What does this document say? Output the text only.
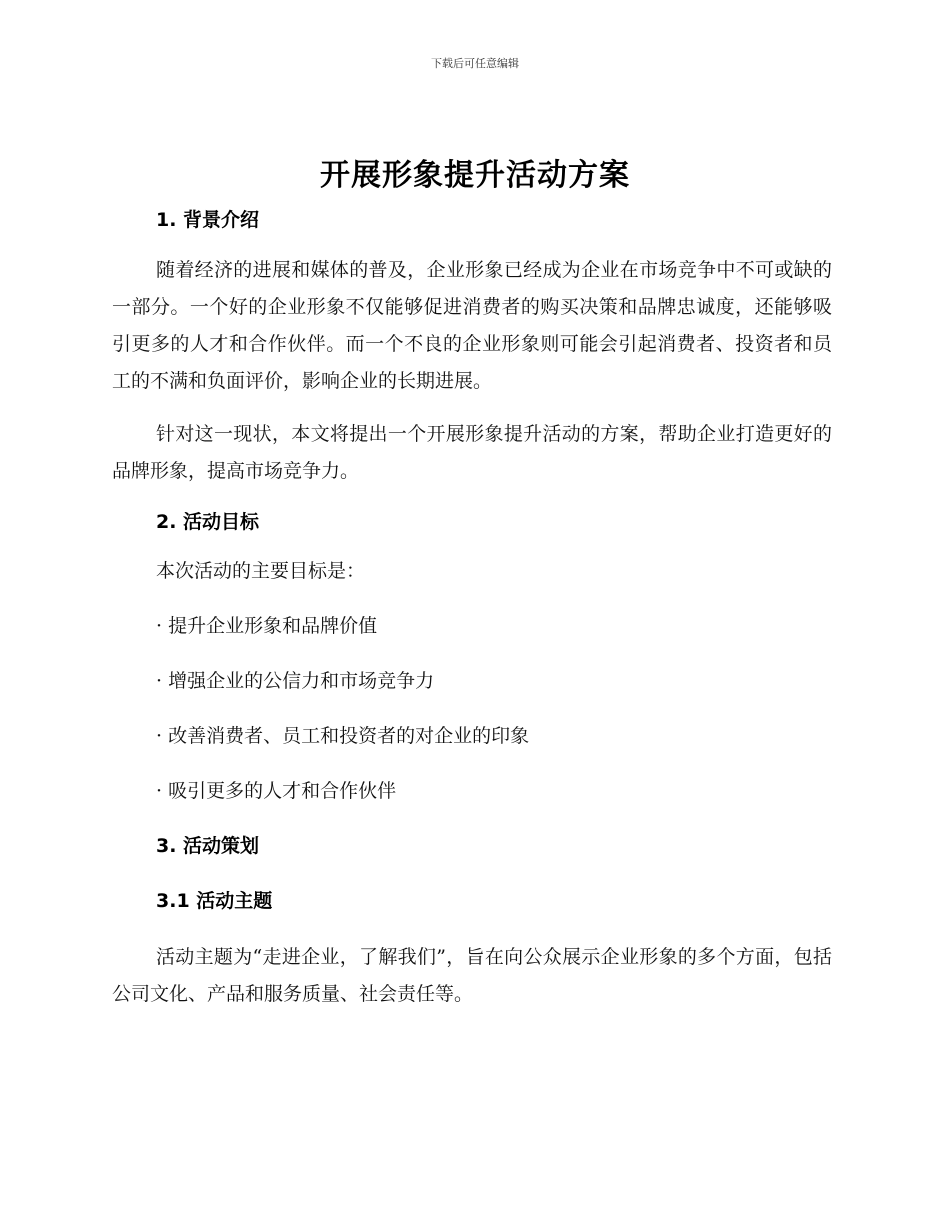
下载后可任意编辑
开展形象提升活动方案
1. 背景介绍

随着经济的进展和媒体的普及，企业形象已经成为企业在市场竞争中不可或缺的一部分。一个好的企业形象不仅能够促进消费者的购买决策和品牌忠诚度，还能够吸引更多的人才和合作伙伴。而一个不良的企业形象则可能会引起消费者、投资者和员工的不满和负面评价，影响企业的长期进展。

针对这一现状，本文将提出一个开展形象提升活动的方案，帮助企业打造更好的品牌形象，提高市场竞争力。

2. 活动目标

本次活动的主要目标是：

· 提升企业形象和品牌价值

· 增强企业的公信力和市场竞争力

· 改善消费者、员工和投资者的对企业的印象

· 吸引更多的人才和合作伙伴

3. 活动策划
3.1 活动主题

活动主题为“走进企业，了解我们”，旨在向公众展示企业形象的多个方面，包括公司文化、产品和服务质量、社会责任等。
